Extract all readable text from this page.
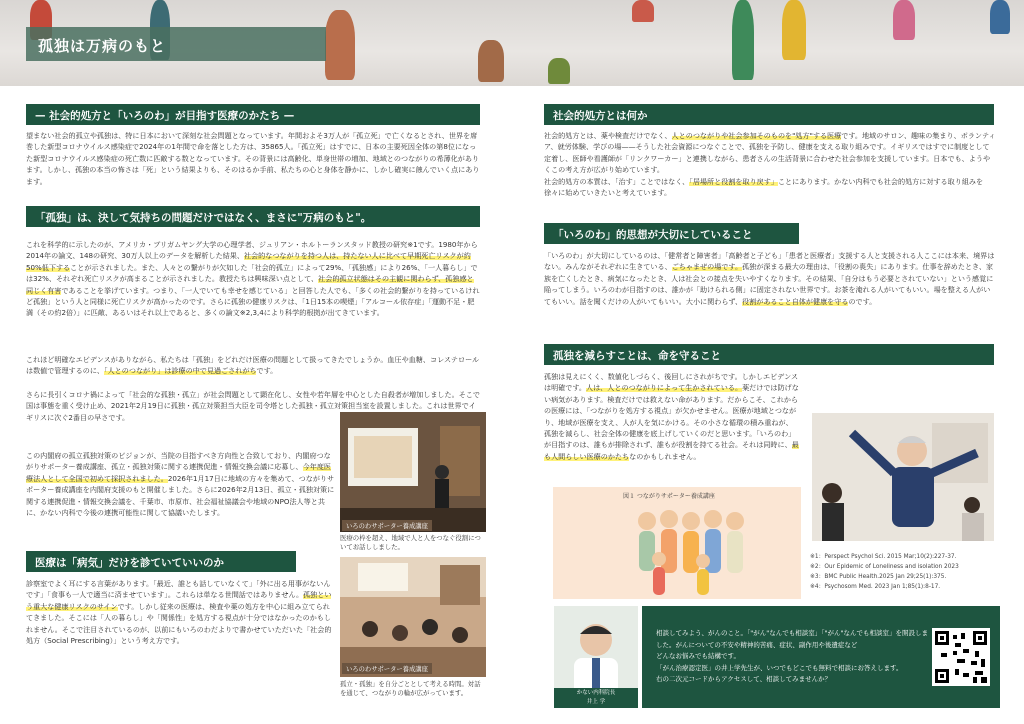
孤独は万病のもと
— 社会的処方と「いろのわ」が目指す医療のかたち —
望まない社会的孤立や孤独は、特に日本において深刻な社会問題となっています。年間およそ3万人が「孤立死」で亡くなるとされ、世界を席巻した新型コロナウイルス感染症で2024年の1年間で命を落とした方は、35865人。「孤立死」はすでに、日本の主要死因全体の第8位になった新型コロナウイルス感染症の死亡数に匹敵する数となっています。その背景には高齢化、単身世帯の増加、地域とのつながりの希薄化があります。しかし、孤独の本当の怖さは「死」という結果よりも、そのはるか手前、私たちの心と身体を静かに、しかし確実に蝕んでいく点にあります。
「孤独」は、決して気持ちの問題だけではなく、まさに"万病のもと"。
これを科学的に示したのが、アメリカ・ブリガムヤング大学の心理学者、ジュリアン・ホルトーランスタッド教授の研究※1です。1980年から2014年の論文、148の研究、30万人以上のデータを解析した結果、社会的なつながりを持つ人は、持たない人に比べて早期死亡リスクが約50%低下することが示されました。また、人々との繋がりが欠如した「社会的孤立」によって29%、「孤独感」により26%、「一人暮らし」では32%、それぞれ死亡リスクが高まることが示されました。教授たちは興味深い点として、社会的孤立状態はその主観に関わらず、孤独感と同じく有害であることを挙げています。つまり、「一人でいても幸せを感じている」と回答した人でも、「多くの社会的繋がりを持っているけれど孤独」という人と同様に死亡リスクが高かったのです。さらに孤独の健康リスクは、「1日15本の喫煙」「アルコール依存症」「運動不足・肥満（その約2倍）」に匹敵、あるいはそれ以上であると、多くの論文※2,3,4により科学的根拠が出てきています。
これほど明確なエビデンスがありながら、私たちは「孤独」をどれだけ医療の問題として扱ってきたでしょうか。血圧や血糖、コレステロールは数値で管理するのに、「人とのつながり」は診療の中で見過ごされがちです。
さらに長引くコロナ禍によって「社会的な孤独・孤立」が社会問題として顕在化し、女性や若年層を中心とした自殺者が増加しました。そこで国は事態を重く受け止め、2021年2月19日に孤独・孤立対策担当大臣を司令塔とした孤独・孤立対策担当室を設置しました。これは世界でイギリスに次ぐ2番目の早さです。
この内閣府の孤立孤独対策のビジョンが、当院の目指すべき方向性と合致しており、内閣府つながりサポーター養成講座、孤立・孤独対策に関する連携促進・情報交換会議に応募し、今年度医療法人として全国で初めて採択されました。2026年1月17日に地域の方々を集めて、つながりサポーター養成講座を内閣府支援のもと開催しました。さらに2026年2月13日、孤立・孤独対策に関する連携促進・情報交換会議を、千葉市、市原市、社会福祉協議会や地域のNPO法人等と共に、かない内科で今後の連携可能性に関して協議いたします。
医療は「病気」だけを診ていていいのか
診察室でよく耳にする言葉があります。「最近、誰とも話していなくて」「外に出る用事がないんです」「食事も一人で適当に済ませています」。これらは単なる世間話ではありません。孤独という重大な健康リスクのサインです。しかし従来の医療は、検査や薬の処方を中心に組み立てられてきました。そこには「人の暮らし」や「関係性」を処方する視点が十分ではなかったのかもしれません。そこで注目されているのが、以前にもいろのわだよりで書かせていただいた「社会的処方（Social Prescribing）」という考え方です。
いろのわサポーター養成講座
医療の枠を超え、地域で人と人をつなぐ役割についてお話ししました。
いろのわサポーター養成講座
孤立・孤独」を自分ごととして考える時間。対話を通じて、つながりの輪が広がっています。
社会的処方とは何か
社会的処方とは、薬や検査だけでなく、人とのつながりや社会参加そのものを"処方"する医療です。地域のサロン、趣味の集まり、ボランティア、就労体験、学びの場——そうした社会資源につなぐことで、孤独を予防し、健康を支える取り組みです。イギリスではすでに制度として定着し、医師や看護師が「リンクワーカー」と連携しながら、患者さんの生活背景に合わせた社会参加を支援しています。日本でも、ようやくこの考え方が広がり始めています。
社会的処方の本質は、「治す」ことではなく、「居場所と役割を取り戻す」ことにあります。かない内科でも社会的処方に対する取り組みを徐々に始めていきたいと考えています。
「いろのわ」的思想が大切にしていること
「いろのわ」が大切にしているのは、「健常者と障害者」「高齢者と子ども」「患者と医療者」支援する人と支援される人ここには本来、境界はない。みんながそれぞれに生きている、ごちゃまぜの場です。孤独が深まる最大の理由は、「役割の喪失」にあります。仕事を辞めたとき、家族を亡くしたとき、病気になったとき、人は社会との接点を失いやすくなります。その結果、「自分はもう必要とされていない」という感覚に陥ってしまう。いろのわが目指すのは、誰かが「助けられる側」に固定されない世界です。お茶を淹れる人がいてもいい。場を整える人がいてもいい。話を聞くだけの人がいてもいい。大小に関わらず、役割があること自体が健康を守るのです。
孤独を減らすことは、命を守ること
孤独は見えにくく、数値化しづらく、後回しにされがちです。しかしエビデンスは明確です。人は、人とのつながりによって生かされている。薬だけでは防げない病気があります。検査だけでは救えない命があります。だからこそ、これからの医療には、「つながりを処方する視点」が欠かせません。医療が地域とつながり、地域が医療を支え、人が人を気にかける。その小さな循環の積み重ねが、孤独を減らし、社会全体の健康を底上げしていくのだと思います。「いろのわ」が目指すのは、誰もが排除されず、誰もが役割を持てる社会。それは同時に、最も人間らしい医療のかたちなのかもしれません。
図１ つながりサポーター養成講座
※1：Perspect Psychol Sci. 2015 Mar;10(2):227-37.
※2：Our Epidemic of Loneliness and isolation 2023
※3：BMC Public Health.2025 Jan 29;25(1):375.
※4：Psychosom Med. 2023 Jan 1;85(1):8-17.
かない内科院長
井上 学
相談してみよう、がんのこと。「"がん"なんでも相談室」「"がん"なんでも相談室」を開設しました。がんについての不安や精神的苦痛、症状、副作用や後遺症など
どんなお悩みでも結構です。
「がん治療認定医」の井上学先生が、いつでもどこでも無料で相談にお答えします。
右の二次元コードからアクセスして、相談してみませんか？
